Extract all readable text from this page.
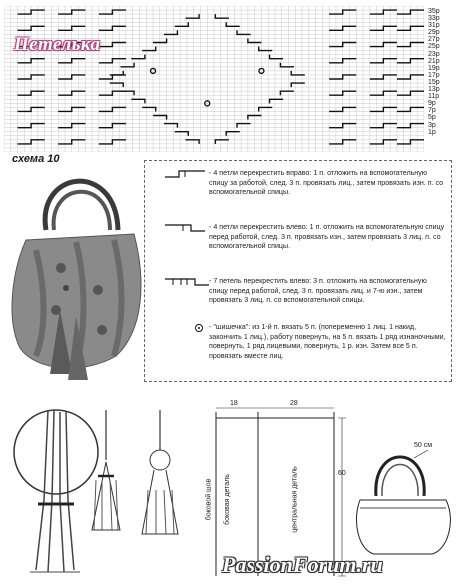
35р
33р
31р
29р
27р
25р
23р
21р
19р
17р
15р
13р
11р
9р
7р
5р
3р
1р
Петелька
схема 10
- 4 петли перекрестить вправо: 1 п. отложить на вспомогательную спицу за работой, след. 3 п. провязать лиц., затем провязать изн. п. со вспомогательной спицы.
- 4 петли перекрестить влево: 1 п. отложить на вспомогательную спицу перед работой, след. 3 п. провязать изн., затем провязать 3 лиц. п. со вспомогательной спицы.
- 7 петель перекрестить влево: 3 п. отложить на вспомогательную спицу перед работой, след. 3 п. провязать лиц. и 7-ю изн., затем провязать 3 лиц. п. со вспомогательной спицы.
- "шишечка": из 1-й п. вязать 5 п. (попеременно 1 лиц. 1 накид, закончить 1 лиц.), работу повернуть, на 5 п. вязать 1 ряд изнаночными, повернуть, 1 ряд лицевыми, повернуть, 1 р. изн. Затем все 5 п. провязать вместе лиц.
18	28
60
боковой шов боковая деталь	центральная деталь
50 см
PassionForum.ru
